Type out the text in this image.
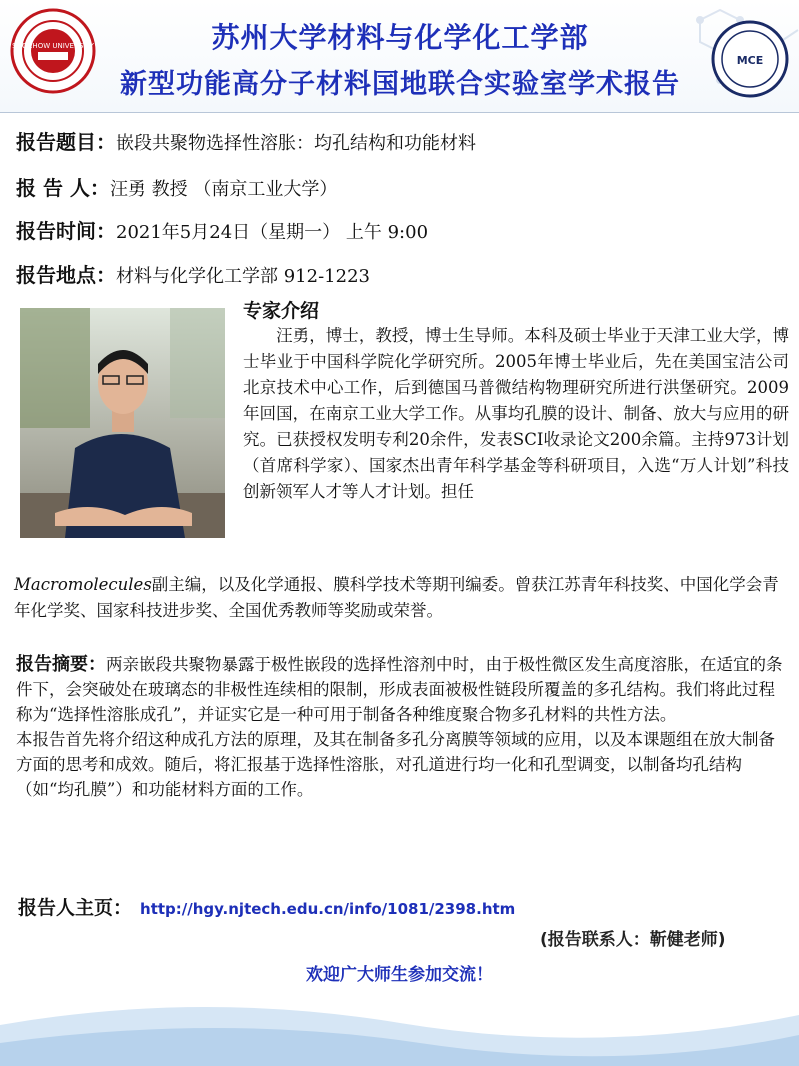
SOOCHOW UNIVERSITY	苏州大学材料与化学化工学部
新型功能高分子材料国地联合实验室学术报告
MCE
报告题目：嵌段共聚物选择性溶胀：均孔结构和功能材料
报 告 人：汪勇 教授 （南京工业大学）
报告时间：2021年5月24日（星期一） 上午 9:00
报告地点：材料与化学化工学部 912-1223
专家介绍
　　汪勇，博士，教授，博士生导师。本科及硕士毕业于天津工业大学，博士毕业于中国科学院化学研究所。2005年博士毕业后，先在美国宝洁公司北京技术中心工作，后到德国马普微结构物理研究所进行洪堡研究。2009年回国，在南京工业大学工作。从事均孔膜的设计、制备、放大与应用的研究。已获授权发明专利20余件，发表SCI收录论文200余篇。主持973计划（首席科学家）、国家杰出青年科学基金等科研项目，入选“万人计划”科技创新领军人才等人才计划。担任
Macromolecules副主编，以及化学通报、膜科学技术等期刊编委。曾获江苏青年科技奖、中国化学会青年化学奖、国家科技进步奖、全国优秀教师等奖励或荣誉。
报告摘要：两亲嵌段共聚物暴露于极性嵌段的选择性溶剂中时，由于极性微区发生高度溶胀，在适宜的条件下，会突破处在玻璃态的非极性连续相的限制，形成表面被极性链段所覆盖的多孔结构。我们将此过程称为“选择性溶胀成孔”，并证实它是一种可用于制备各种维度聚合物多孔材料的共性方法。
本报告首先将介绍这种成孔方法的原理，及其在制备多孔分离膜等领域的应用，以及本课题组在放大制备方面的思考和成效。随后，将汇报基于选择性溶胀，对孔道进行均一化和孔型调变，以制备均孔结构（如“均孔膜”）和功能材料方面的工作。
报告人主页： http://hgy.njtech.edu.cn/info/1081/2398.htm
(报告联系人：靳健老师)
欢迎广大师生参加交流！
